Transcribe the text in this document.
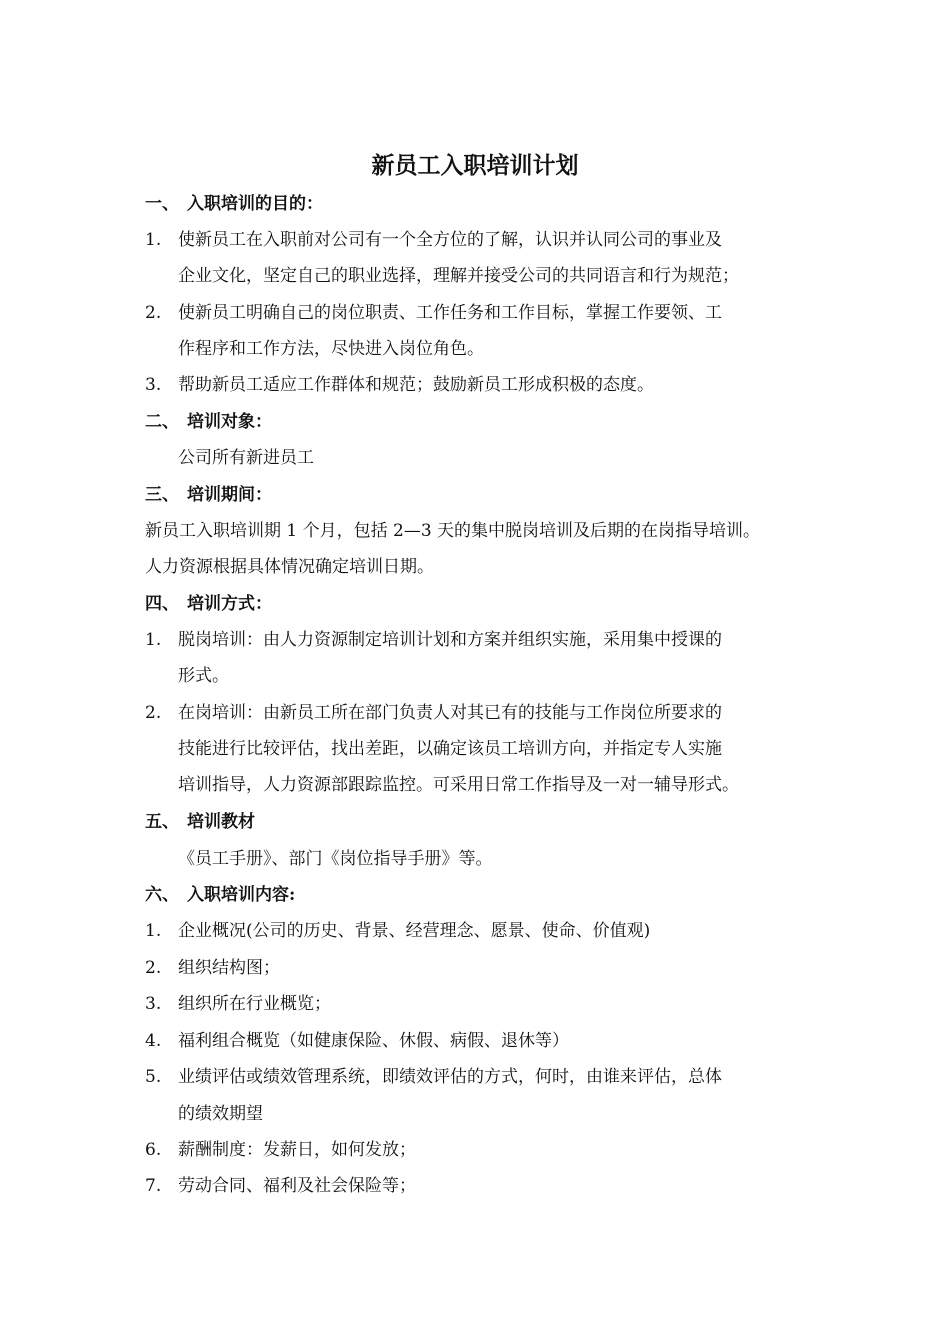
新员工入职培训计划
一、 入职培训的目的：
1. 使新员工在入职前对公司有一个全方位的了解，认识并认同公司的事业及
企业文化，坚定自己的职业选择，理解并接受公司的共同语言和行为规范；
2. 使新员工明确自己的岗位职责、工作任务和工作目标，掌握工作要领、工
作程序和工作方法，尽快进入岗位角色。
3. 帮助新员工适应工作群体和规范；鼓励新员工形成积极的态度。
二、 培训对象：
公司所有新进员工
三、 培训期间：
新员工入职培训期 1 个月，包括 2—3 天的集中脱岗培训及后期的在岗指导培训。
人力资源根据具体情况确定培训日期。
四、 培训方式：
1. 脱岗培训：由人力资源制定培训计划和方案并组织实施，采用集中授课的
形式。
2. 在岗培训：由新员工所在部门负责人对其已有的技能与工作岗位所要求的
技能进行比较评估，找出差距，以确定该员工培训方向，并指定专人实施
培训指导，人力资源部跟踪监控。可采用日常工作指导及一对一辅导形式。
五、 培训教材
《员工手册》、部门《岗位指导手册》等。
六、 入职培训内容:
1. 企业概况(公司的历史、背景、经营理念、愿景、使命、价值观)
2. 组织结构图；
3. 组织所在行业概览；
4. 福利组合概览（如健康保险、休假、病假、退休等）
5. 业绩评估或绩效管理系统，即绩效评估的方式，何时，由谁来评估，总体
的绩效期望
6. 薪酬制度：发薪日，如何发放；
7. 劳动合同、福利及社会保险等；
